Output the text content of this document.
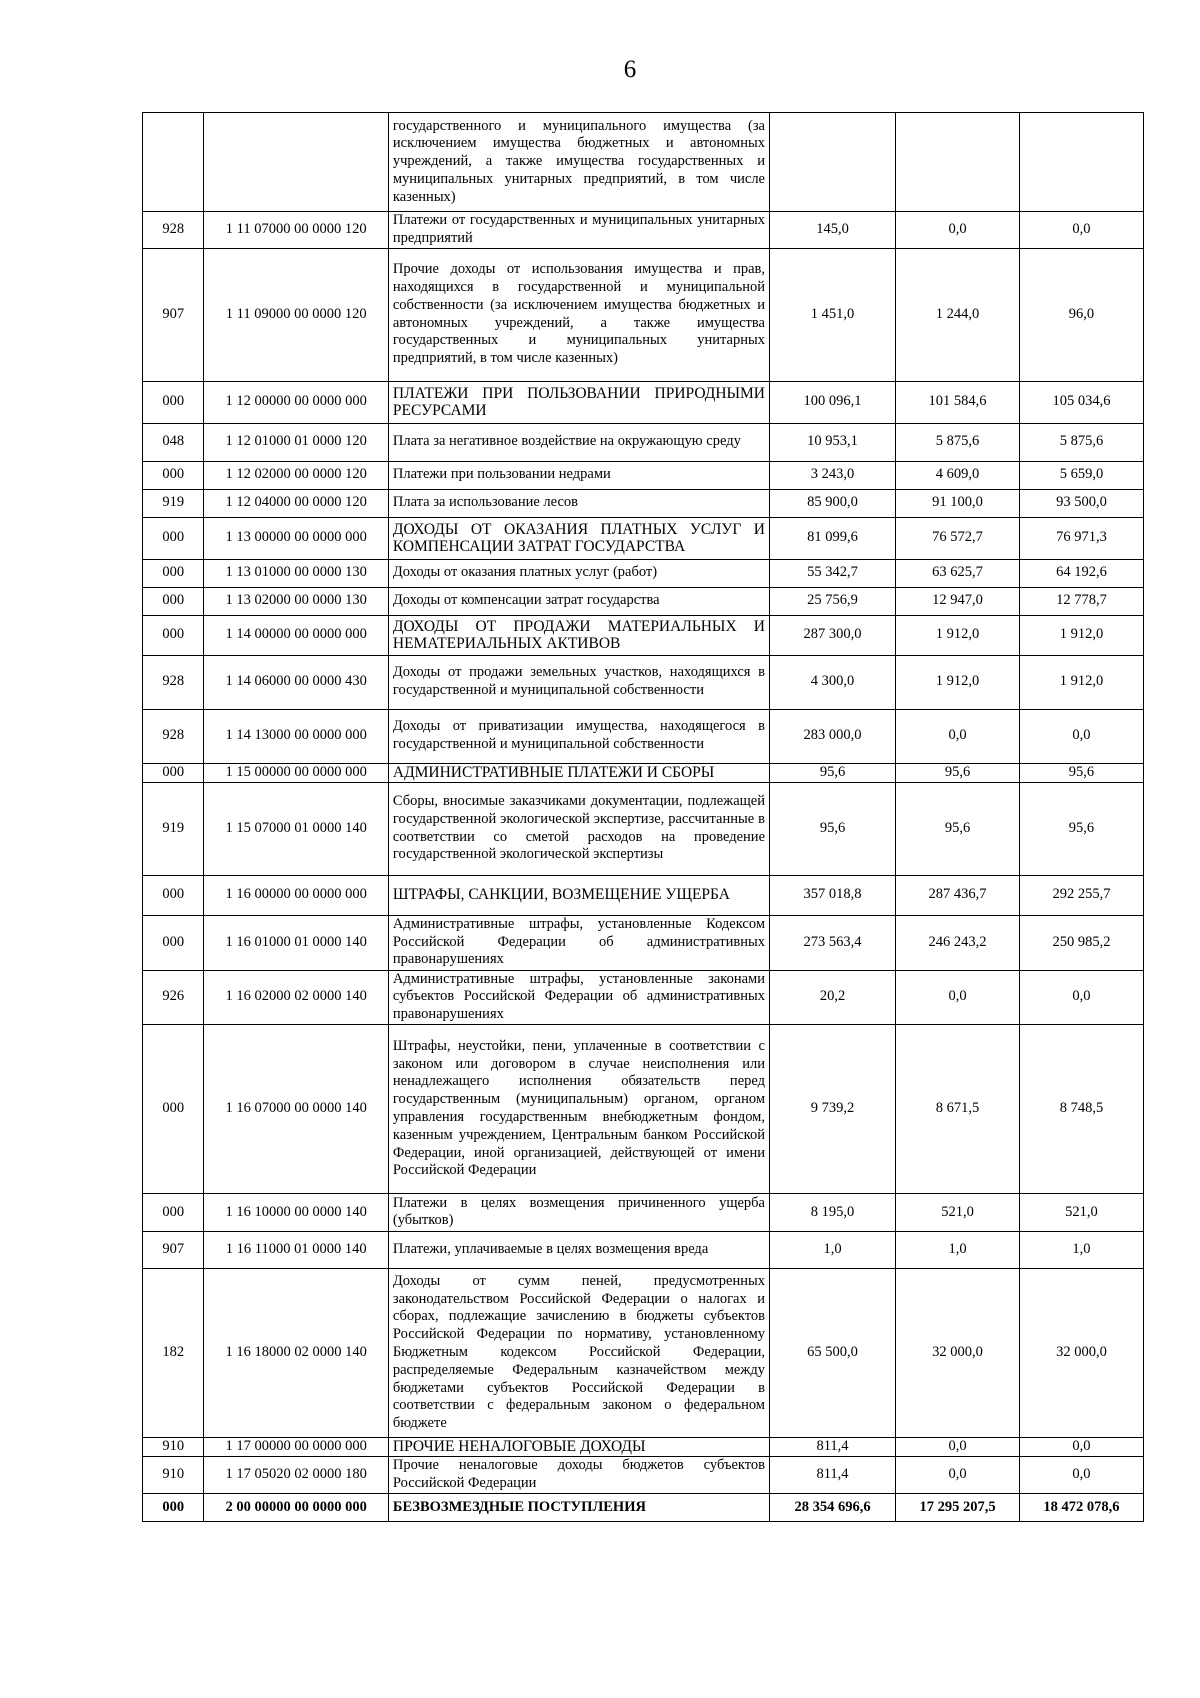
6
		государственного и муниципального имущества (за исключением имущества бюджетных и автономных учреждений, а также имущества государственных и муниципальных унитарных предприятий, в том числе казенных)			
928	1 11 07000 00 0000 120	Платежи от государственных и муниципальных унитарных предприятий	145,0	0,0	0,0
907	1 11 09000 00 0000 120	Прочие доходы от использования имущества и прав, находящихся в государственной и муниципальной собственности (за исключением имущества бюджетных и автономных учреждений, а также имущества государственных и муниципальных унитарных предприятий, в том числе казенных)	1 451,0	1 244,0	96,0
000	1 12 00000 00 0000 000	ПЛАТЕЖИ ПРИ ПОЛЬЗОВАНИИ ПРИРОДНЫМИ РЕСУРСАМИ	100 096,1	101 584,6	105 034,6
048	1 12 01000 01 0000 120	Плата за негативное воздействие на окружающую среду	10 953,1	5 875,6	5 875,6
000	1 12 02000 00 0000 120	Платежи при пользовании недрами	3 243,0	4 609,0	5 659,0
919	1 12 04000 00 0000 120	Плата за использование лесов	85 900,0	91 100,0	93 500,0
000	1 13 00000 00 0000 000	ДОХОДЫ ОТ ОКАЗАНИЯ ПЛАТНЫХ УСЛУГ И КОМПЕНСАЦИИ ЗАТРАТ ГОСУДАРСТВА	81 099,6	76 572,7	76 971,3
000	1 13 01000 00 0000 130	Доходы от оказания платных услуг (работ)	55 342,7	63 625,7	64 192,6
000	1 13 02000 00 0000 130	Доходы от компенсации затрат государства	25 756,9	12 947,0	12 778,7
000	1 14 00000 00 0000 000	ДОХОДЫ ОТ ПРОДАЖИ МАТЕРИАЛЬНЫХ И НЕМАТЕРИАЛЬНЫХ АКТИВОВ	287 300,0	1 912,0	1 912,0
928	1 14 06000 00 0000 430	Доходы от продажи земельных участков, находящихся в государственной и муниципальной собственности	4 300,0	1 912,0	1 912,0
928	1 14 13000 00 0000 000	Доходы от приватизации имущества, находящегося в государственной и муниципальной собственности	283 000,0	0,0	0,0
000	1 15 00000 00 0000 000	АДМИНИСТРАТИВНЫЕ ПЛАТЕЖИ И СБОРЫ	95,6	95,6	95,6
919	1 15 07000 01 0000 140	Сборы, вносимые заказчиками документации, подлежащей государственной экологической экспертизе, рассчитанные в соответствии со сметой расходов на проведение государственной экологической экспертизы	95,6	95,6	95,6
000	1 16 00000 00 0000 000	ШТРАФЫ, САНКЦИИ, ВОЗМЕЩЕНИЕ УЩЕРБА	357 018,8	287 436,7	292 255,7
000	1 16 01000 01 0000 140	Административные штрафы, установленные Кодексом Российской Федерации об административных правонарушениях	273 563,4	246 243,2	250 985,2
926	1 16 02000 02 0000 140	Административные штрафы, установленные законами субъектов Российской Федерации об административных правонарушениях	20,2	0,0	0,0
000	1 16 07000 00 0000 140	Штрафы, неустойки, пени, уплаченные в соответствии с законом или договором в случае неисполнения или ненадлежащего исполнения обязательств перед государственным (муниципальным) органом, органом управления государственным внебюджетным фондом, казенным учреждением, Центральным банком Российской Федерации, иной организацией, действующей от имени Российской Федерации	9 739,2	8 671,5	8 748,5
000	1 16 10000 00 0000 140	Платежи в целях возмещения причиненного ущерба (убытков)	8 195,0	521,0	521,0
907	1 16 11000 01 0000 140	Платежи, уплачиваемые в целях возмещения вреда	1,0	1,0	1,0
182	1 16 18000 02 0000 140	Доходы от сумм пеней, предусмотренных законодательством Российской Федерации о налогах и сборах, подлежащие зачислению в бюджеты субъектов Российской Федерации по нормативу, установленному Бюджетным кодексом Российской Федерации, распределяемые Федеральным казначейством между бюджетами субъектов Российской Федерации в соответствии с федеральным законом о федеральном бюджете	65 500,0	32 000,0	32 000,0
910	1 17 00000 00 0000 000	ПРОЧИЕ НЕНАЛОГОВЫЕ ДОХОДЫ	811,4	0,0	0,0
910	1 17 05020 02 0000 180	Прочие неналоговые доходы бюджетов субъектов Российской Федерации	811,4	0,0	0,0
000	2 00 00000 00 0000 000	БЕЗВОЗМЕЗДНЫЕ ПОСТУПЛЕНИЯ	28 354 696,6	17 295 207,5	18 472 078,6
